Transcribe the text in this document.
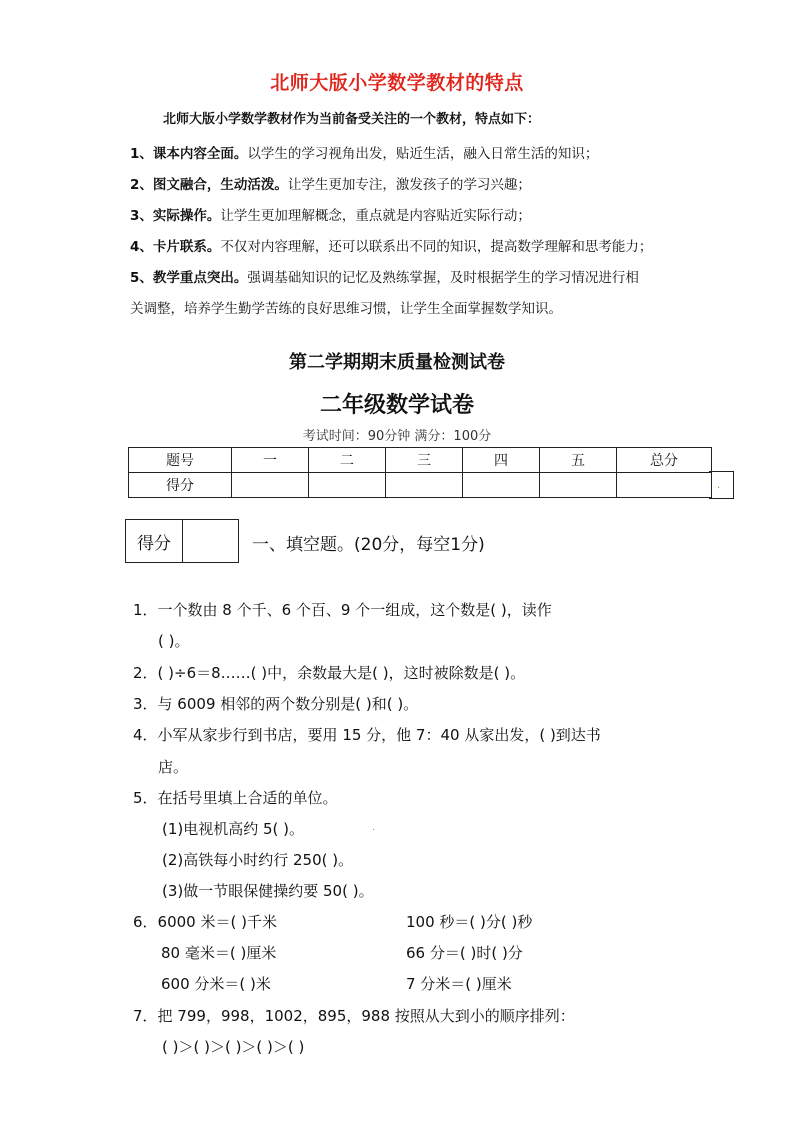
北师大版小学数学教材的特点
北师大版小学数学教材作为当前备受关注的一个教材，特点如下：
1、课本内容全面。以学生的学习视角出发，贴近生活，融入日常生活的知识；
2、图文融合，生动活泼。让学生更加专注，激发孩子的学习兴趣；
3、实际操作。让学生更加理解概念，重点就是内容贴近实际行动；
4、卡片联系。不仅对内容理解，还可以联系出不同的知识，提高数学理解和思考能力；
5、教学重点突出。强调基础知识的记忆及熟练掌握，及时根据学生的学习情况进行相
关调整，培养学生勤学苦练的良好思维习惯，让学生全面掌握数学知识。
第二学期期末质量检测试卷
二年级数学试卷
考试时间：90分钟 满分：100分
题号	一	二	三	四	五	总分
得分							.
得分	一、填空题。(20分，每空1分)
1．一个数由 8 个千、6 个百、9 个一组成，这个数是( )，读作
( )。
2．( )÷6＝8……( )中，余数最大是( )，这时被除数是( )。
3．与 6009 相邻的两个数分别是( )和( )。
4．小军从家步行到书店，要用 15 分，他 7：40 从家出发，( )到达书
店。
5．在括号里填上合适的单位。
(1)电视机高约 5( )。	.
(2)高铁每小时约行 250( )。
(3)做一节眼保健操约要 50( )。
6．6000 米＝( )千米	100 秒＝( )分( )秒
80 毫米＝( )厘米	66 分＝( )时( )分
600 分米＝( )米	7 分米＝( )厘米
7．把 799，998，1002，895，988 按照从大到小的顺序排列：
( )＞( )＞( )＞( )＞( )
